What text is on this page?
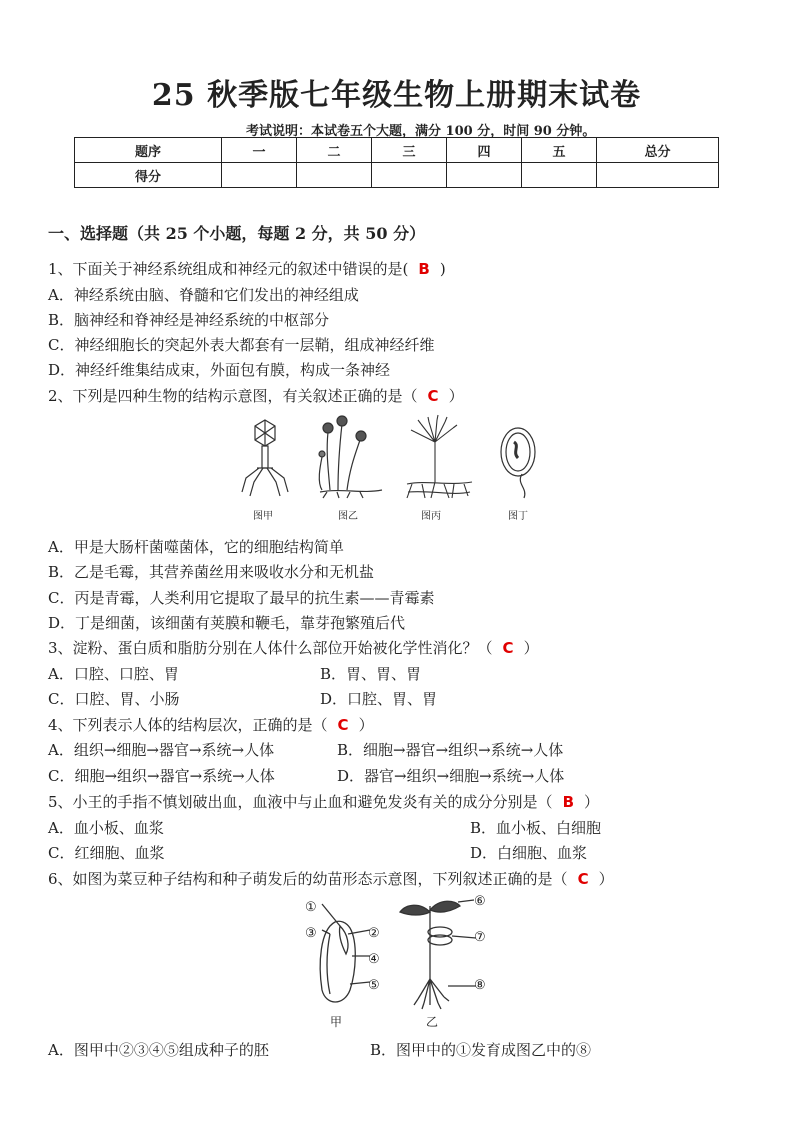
25 秋季版七年级生物上册期末试卷
考试说明：本试卷五个大题，满分 100 分，时间 90 分钟。
题序	一	二	三	四	五	总分
得分						
一、选择题（共 25 个小题，每题 2 分，共 50 分）
1、下面关于神经系统组成和神经元的叙述中错误的是( B )
A．神经系统由脑、脊髓和它们发出的神经组成
B．脑神经和脊神经是神经系统的中枢部分
C．神经细胞长的突起外表大都套有一层鞘，组成神经纤维
D．神经纤维集结成束，外面包有膜，构成一条神经
2、下列是四种生物的结构示意图，有关叙述正确的是（ C ）
图甲	图乙	图丙	图丁
A．甲是大肠杆菌噬菌体，它的细胞结构简单
B．乙是毛霉，其营养菌丝用来吸收水分和无机盐
C．丙是青霉，人类利用它提取了最早的抗生素——青霉素
D．丁是细菌，该细菌有荚膜和鞭毛，靠芽孢繁殖后代
3、淀粉、蛋白质和脂肪分别在人体什么部位开始被化学性消化？（ C ）
A．口腔、口腔、胃	B．胃、胃、胃
C．口腔、胃、小肠	D．口腔、胃、胃
4、下列表示人体的结构层次，正确的是（ C ）
A．组织→细胞→器官→系统→人体	B．细胞→器官→组织→系统→人体
C．细胞→组织→器官→系统→人体	D．器官→组织→细胞→系统→人体
5、小王的手指不慎划破出血，血液中与止血和避免发炎有关的成分分别是（ B ）
A．血小板、血浆	B．血小板、白细胞
C．红细胞、血浆	D．白细胞、血浆
6、如图为菜豆种子结构和种子萌发后的幼苗形态示意图，下列叙述正确的是（ C ）
①
③	②
④
⑤
⑥
⑦
⑧
甲	乙
A．图甲中②③④⑤组成种子的胚	B．图甲中的①发育成图乙中的⑧
